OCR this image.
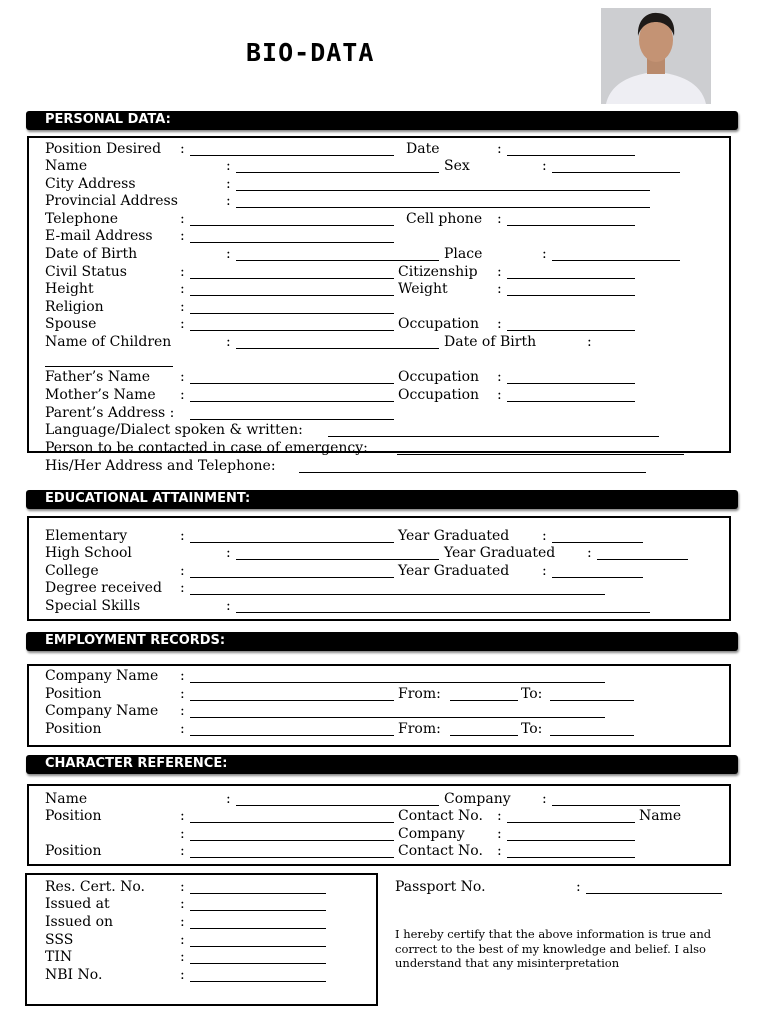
BIO-DATA
PERSONAL DATA:
Position Desired :	Date	:
Name	:	Sex	:
City Address	:
Provincial Address	:
Telephone	:	Cell phone :
E-mail Address :
Date of Birth	:	Place	:
Civil Status	:	Citizenship :
Height	:	Weight	:
Religion	:
Spouse	:	Occupation :
Name of Children	:	Date of Birth	:
Father’s Name :	Occupation :
Mother’s Name :	Occupation :
Parent’s Address :
Language/Dialect spoken & written:
Person to be contacted in case of emergency:
His/Her Address and Telephone:
EDUCATIONAL ATTAINMENT:
Elementary	:	Year Graduated :
High School	:	Year Graduated :
College	:	Year Graduated :
Degree received :
Special Skills	:
EMPLOYMENT RECORDS:
Company Name :
Position	:	From:	To:
Company Name :
Position	:	From:	To:
CHARACTER REFERENCE:
Name	:	Company :
Position	:	Contact No. :	Name
:	Company :
Position	:	Contact No. :
Res. Cert. No. :
Issued at	:
Issued on	:
SSS	:
TIN	:
NBI No.	:
Passport No.	:
I hereby certify that the above information is true and correct to the best of my knowledge and belief. I also understand that any misinterpretation
